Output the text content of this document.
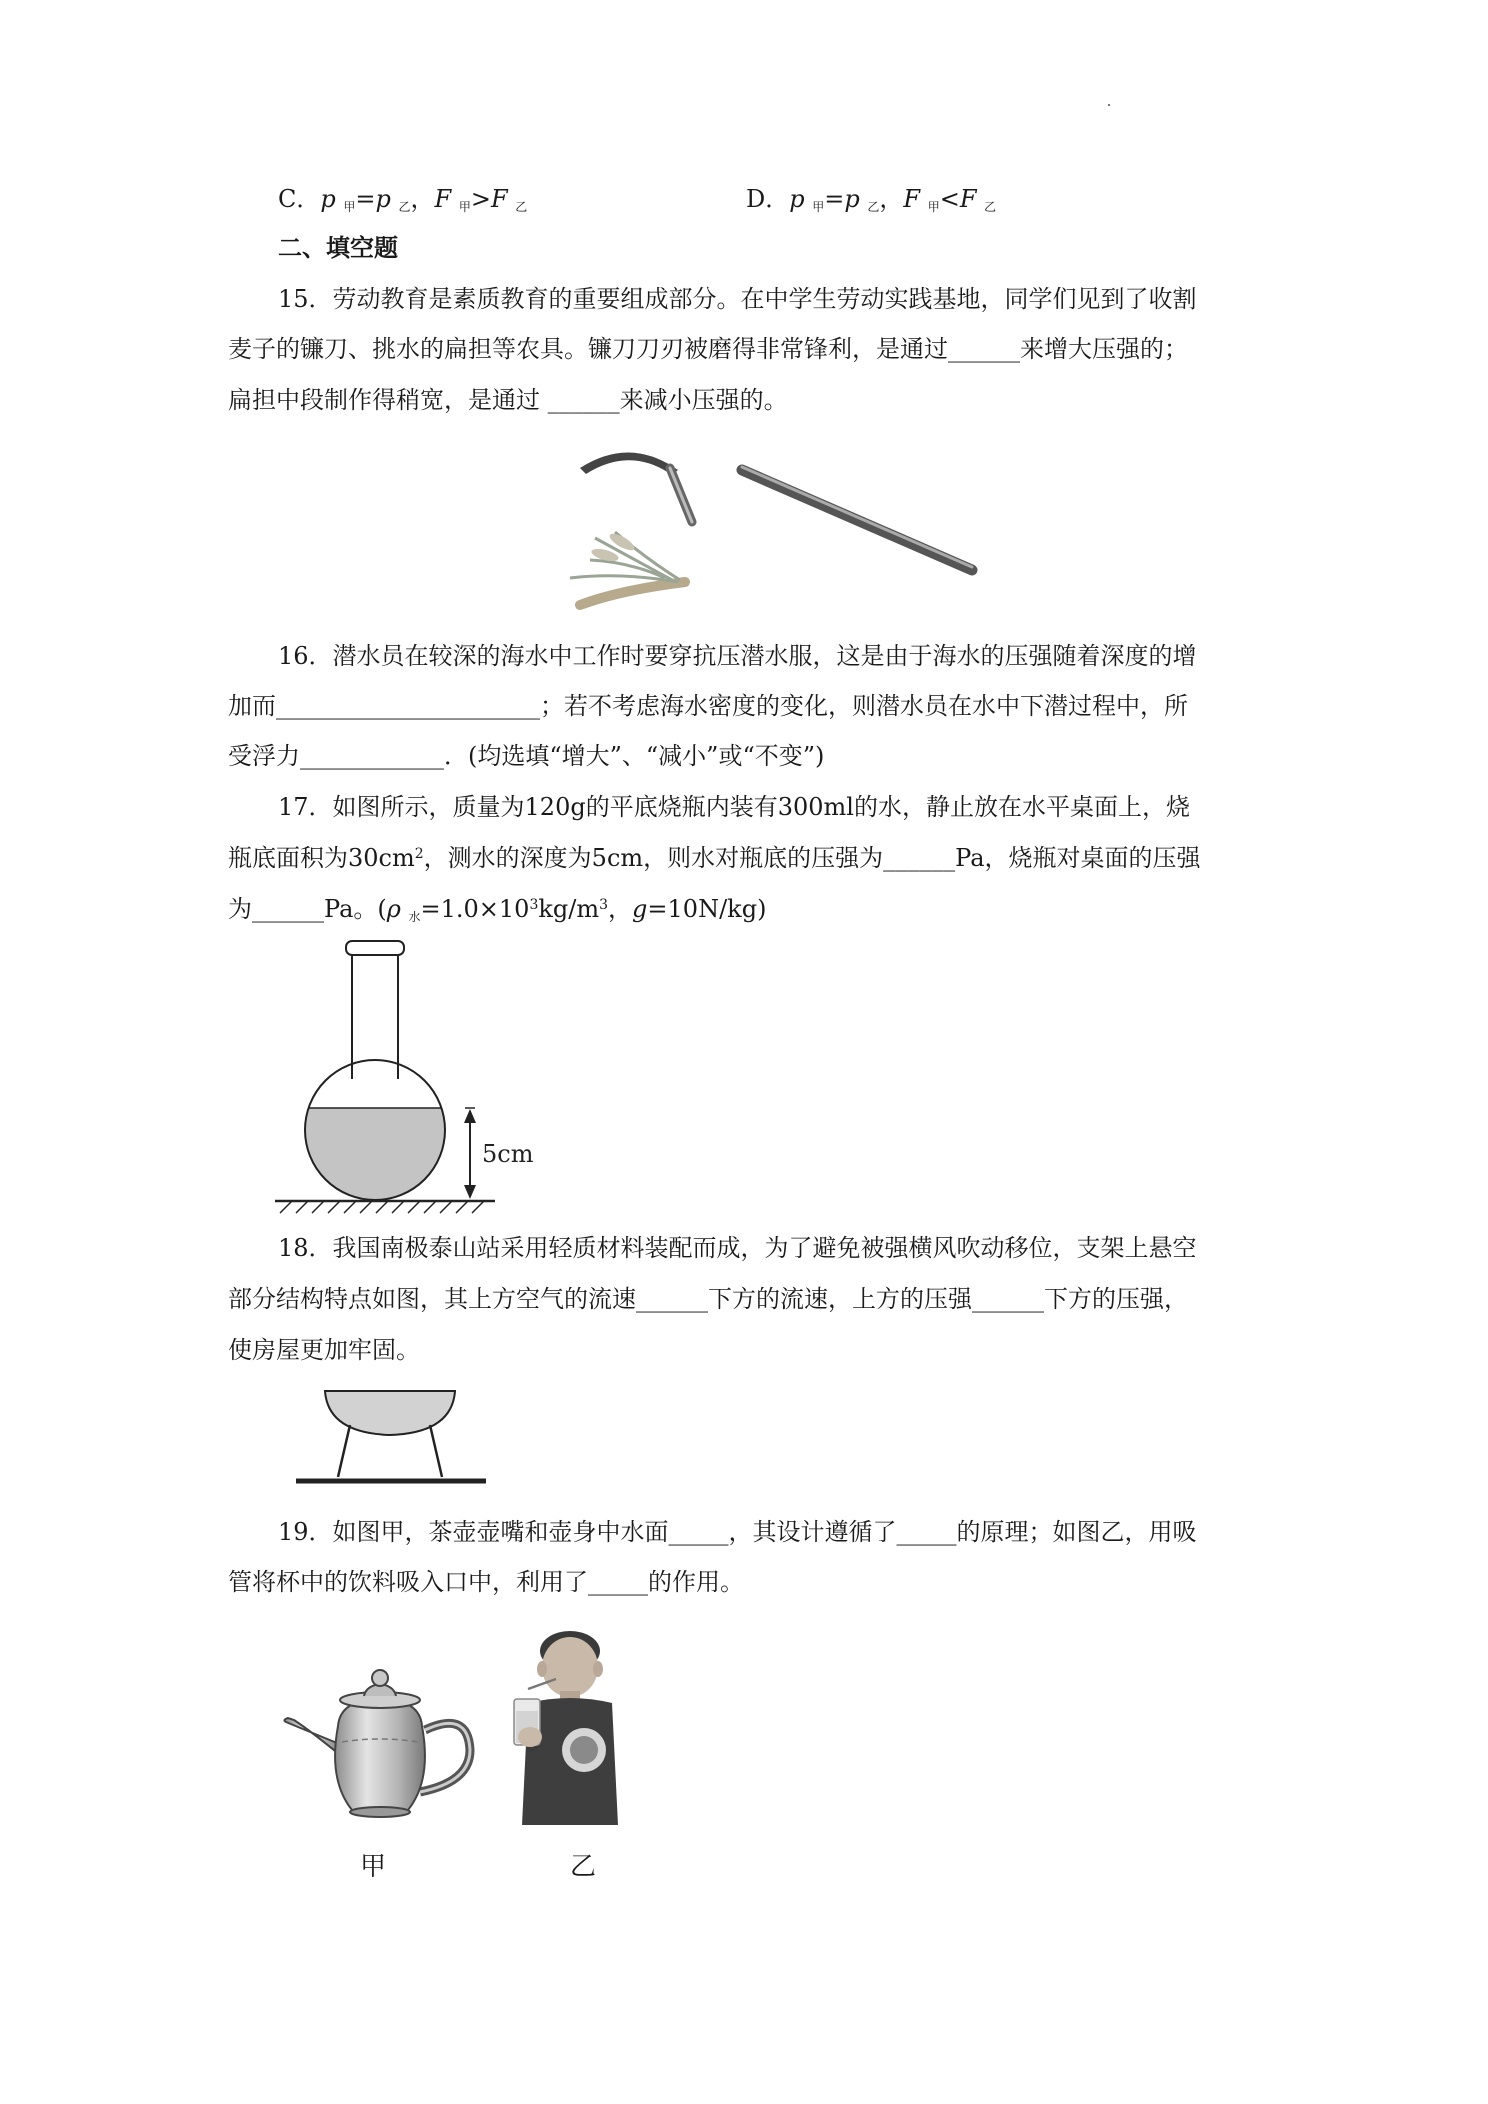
C．p $_甲$=p $_乙$，F $_甲$>F $_乙$	D．p $_甲$=p $_乙$，F $_甲$<F $_乙$
二、填空题
15．劳动教育是素质教育的重要组成部分。在中学生劳动实践基地，同学们见到了收割
麦子的镰刀、挑水的扁担等农具。镰刀刀刃被磨得非常锋利，是通过______来增大压强的；
扁担中段制作得稍宽，是通过 ______来减小压强的。
16．潜水员在较深的海水中工作时要穿抗压潜水服，这是由于海水的压强随着深度的增
加而______________________；若不考虑海水密度的变化，则潜水员在水中下潜过程中，所
受浮力____________．(均选填“增大”、“减小”或“不变”)
17．如图所示，质量为120g的平底烧瓶内装有300ml的水，静止放在水平桌面上，烧
瓶底面积为$30cm^2$，测水的深度为5cm，则水对瓶底的压强为______Pa，烧瓶对桌面的压强
为______Pa。(ρ $_水=1.0\times 10^3kg/m^3$，g=10N/kg)
5cm
18．我国南极泰山站采用轻质材料装配而成，为了避免被强横风吹动移位，支架上悬空
部分结构特点如图，其上方空气的流速______下方的流速，上方的压强______下方的压强，
使房屋更加牢固。
19．如图甲，茶壶壶嘴和壶身中水面_____，其设计遵循了_____的原理；如图乙，用吸
管将杯中的饮料吸入口中，利用了_____的作用。
甲	乙
